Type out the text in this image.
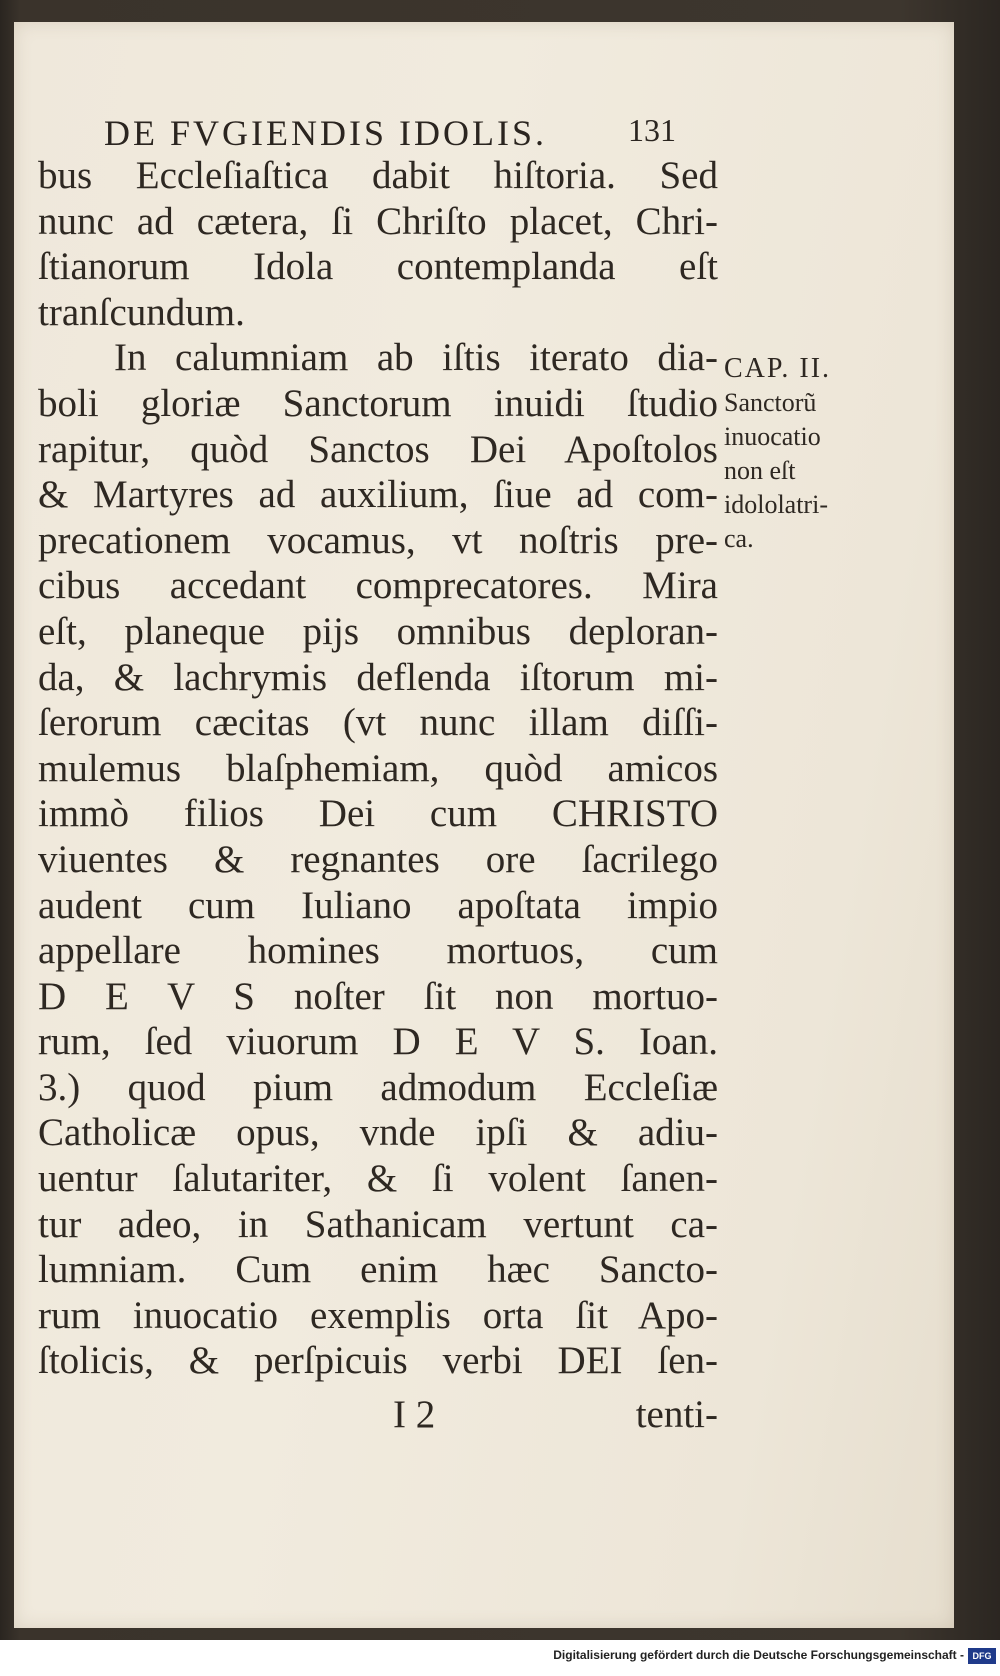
DE FVGIENDIS IDOLIS.	131
bus Eccleſiaſtica dabit hiſtoria. Sed
nunc ad cætera, ſi Chriſto placet, Chri-
ſtianorum Idola contemplanda eſt
tranſcundum.
In calumniam ab iſtis iterato dia-
boli gloriæ Sanctorum inuidi ſtudio
rapitur, quòd Sanctos Dei Apoſtolos
& Martyres ad auxilium, ſiue ad com-
precationem vocamus, vt noſtris pre-
cibus accedant comprecatores. Mira
eſt, planeque pijs omnibus deploran-
da, & lachrymis deflenda iſtorum mi-
ſerorum cæcitas (vt nunc illam diſſi-
mulemus blaſphemiam, quòd amicos
immò filios Dei cum CHRISTO
viuentes & regnantes ore ſacrilego
audent cum Iuliano apoſtata impio
appellare homines mortuos, cum
D E V S noſter ſit non mortuo-
rum, ſed viuorum D E V S. Ioan.
3.) quod pium admodum Eccleſiæ
Catholicæ opus, vnde ipſi & adiu-
uentur ſalutariter, & ſi volent ſanen-
tur adeo, in Sathanicam vertunt ca-
lumniam. Cum enim hæc Sancto-
rum inuocatio exemplis orta ſit Apo-
ſtolicis, & perſpicuis verbi DEI ſen-
CAP. II.
Sanctorũ
inuocatio
non eſt
idololatri-
ca.
I 2	tenti-
Digitalisierung gefördert durch die Deutsche Forschungsgemeinschaft - DFG
